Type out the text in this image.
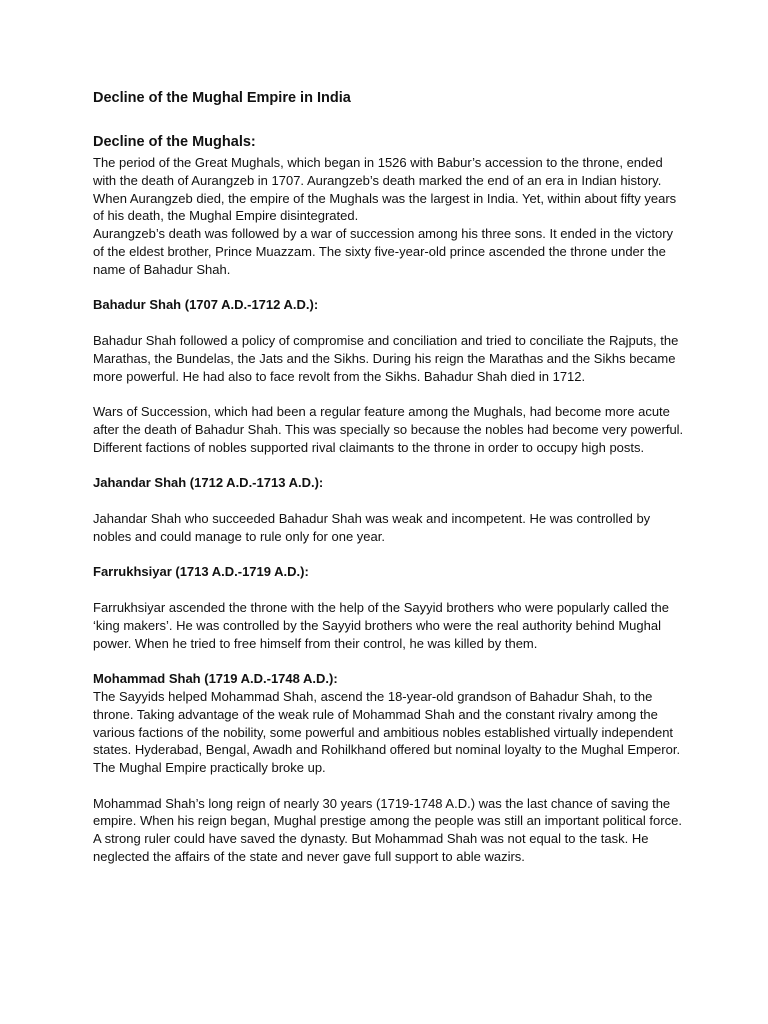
Decline of the Mughal Empire in India
Decline of the Mughals:

The period of the Great Mughals, which began in 1526 with Babur’s accession to the throne, ended with the death of Aurangzeb in 1707. Aurangzeb’s death marked the end of an era in Indian history. When Aurangzeb died, the empire of the Mughals was the largest in India. Yet, within about fifty years of his death, the Mughal Empire disintegrated.

Aurangzeb’s death was followed by a war of succession among his three sons. It ended in the victory of the eldest brother, Prince Muazzam. The sixty five-year-old prince ascended the throne under the name of Bahadur Shah.

Bahadur Shah (1707 A.D.-1712 A.D.):

Bahadur Shah followed a policy of compromise and conciliation and tried to conciliate the Rajputs, the Marathas, the Bundelas, the Jats and the Sikhs. During his reign the Marathas and the Sikhs became more powerful. He had also to face revolt from the Sikhs. Bahadur Shah died in 1712.

Wars of Succession, which had been a regular feature among the Mughals, had become more acute after the death of Bahadur Shah. This was specially so because the nobles had become very powerful. Different factions of nobles supported rival claimants to the throne in order to occupy high posts.

Jahandar Shah (1712 A.D.-1713 A.D.):

Jahandar Shah who succeeded Bahadur Shah was weak and incompetent. He was controlled by nobles and could manage to rule only for one year.

Farrukhsiyar (1713 A.D.-1719 A.D.):

Farrukhsiyar ascended the throne with the help of the Sayyid brothers who were popularly called the ‘king makers’. He was controlled by the Sayyid brothers who were the real authority behind Mughal power. When he tried to free himself from their control, he was killed by them.

Mohammad Shah (1719 A.D.-1748 A.D.):

The Sayyids helped Mohammad Shah, ascend the 18-year-old grandson of Bahadur Shah, to the throne. Taking advantage of the weak rule of Mohammad Shah and the constant rivalry among the various factions of the nobility, some powerful and ambitious nobles established virtually independent states. Hyderabad, Bengal, Awadh and Rohilkhand offered but nominal loyalty to the Mughal Emperor. The Mughal Empire practically broke up.

Mohammad Shah’s long reign of nearly 30 years (1719-1748 A.D.) was the last chance of saving the empire. When his reign began, Mughal prestige among the people was still an important political force. A strong ruler could have saved the dynasty. But Mohammad Shah was not equal to the task. He neglected the affairs of the state and never gave full support to able wazirs.
